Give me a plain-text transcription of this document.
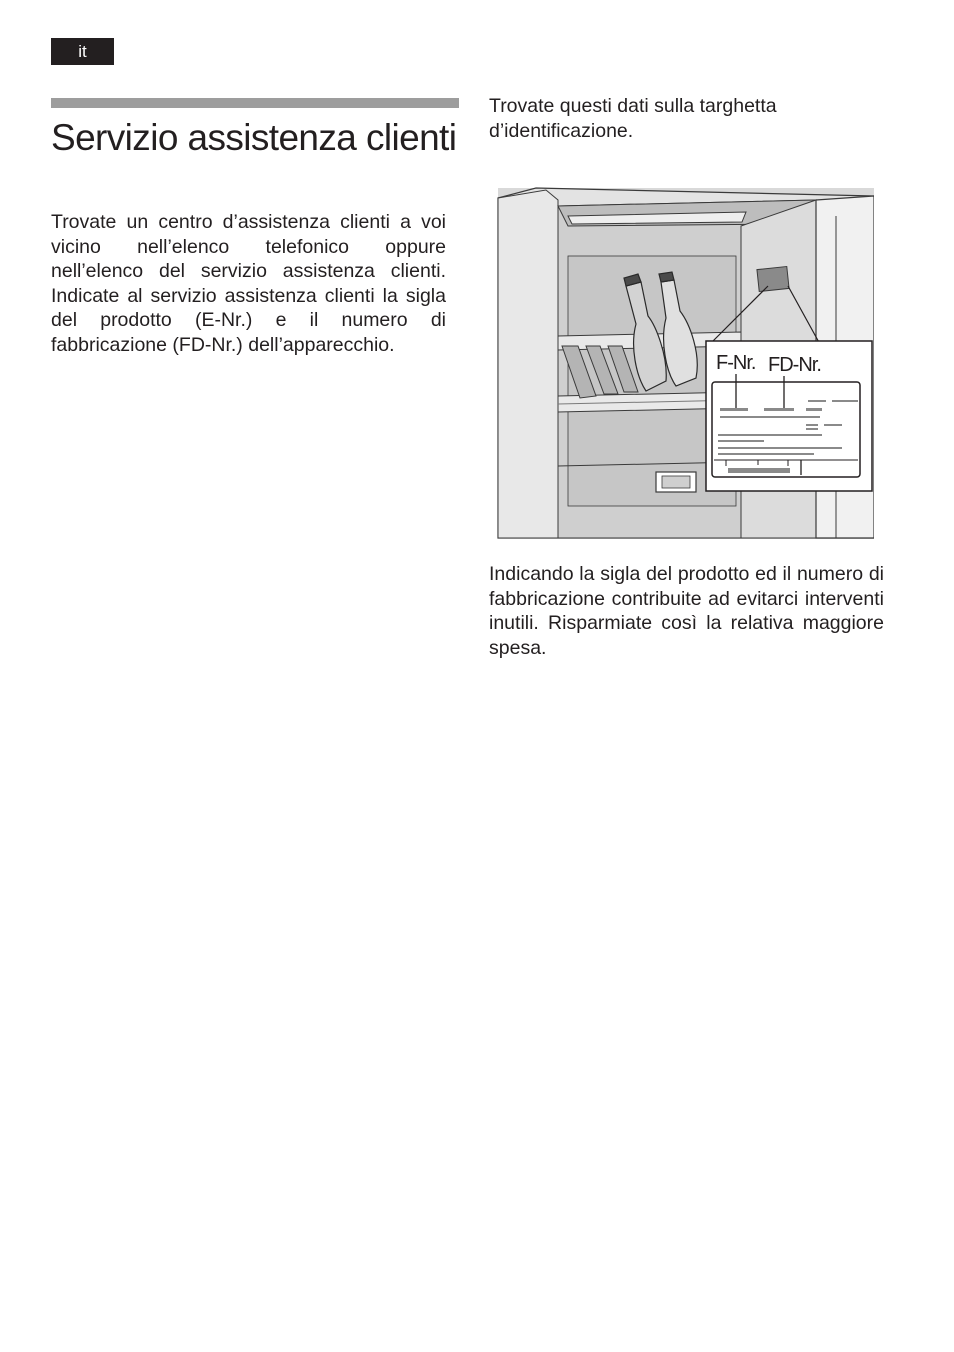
it
Servizio assistenza clienti

Trovate un centro d’assistenza clienti a voi vicino nell’elenco telefonico oppure nell’elenco del servizio assistenza clienti. Indicate al servizio assistenza clienti la sigla del prodotto (E-Nr.) e il numero di fabbricazione (FD-Nr.) dell’apparecchio.

Trovate questi dati sulla targhetta d’identificazione.

F-Nr. FD-Nr.

Indicando la sigla del prodotto ed il numero di fabbricazione contribuite ad evitarci interventi inutili. Risparmiate così la relativa maggiore spesa.
